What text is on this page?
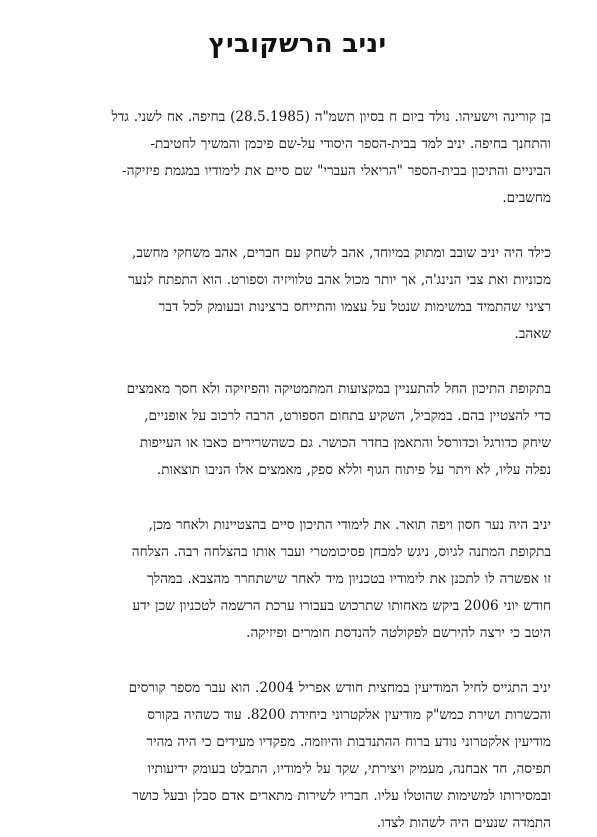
יניב הרשקוביץ

בן קורינה וישעיהו. נולד ביום ח בסיון תשמ"ה (28.5.1985) בחיפה. אח לשני. גדל
והתחנך בחיפה. יניב למד בבית-הספר היסודי על-שם פיכמן והמשיך לחטיבת-
הביניים והתיכון בבית-הספר "הריאלי העברי" שם סיים את לימודיו במגמת פיזיקה-
מחשבים.

כילד היה יניב שובב ומתוק במיוחד, אהב לשחק עם חברים, אהב משחקי מחשב,
מכוניות ואת צבי הנינג'ה, אך יותר מכול אהב טלוויזיה וספורט. הוא התפתח לנער
רציני שהתמיד במשימות שנטל על עצמו והתייחס ברצינות ובעומק לכל דבר
שאהב.

בתקופת התיכון החל להתעניין במקצועות המתמטיקה והפיזיקה ולא חסך מאמצים
כדי להצטיין בהם. במקביל, השקיע בתחום הספורט, הרבה לרכוב על אופניים,
שיחק כדורגל וכדורסל והתאמן בחדר הכושר. גם כשהשרירים כאבו או העייפות
נפלה עליו, לא ויתר על פיתוח הגוף וללא ספק, מאמצים אלו הניבו תוצאות.

יניב היה נער חסון ויפה תואר. את לימודי התיכון סיים בהצטיינות ולאחר מכן,
בתקופת המתנה לגיוס, ניגש למבחן פסיכומטרי ועבר אותו בהצלחה רבה. הצלחה
זו אפשרה לו לתכנן את לימודיו בטכניון מיד לאחר שישתחרר מהצבא. במהלך
חודש יוני 2006 ביקש מאחותו שתרכוש בעבורו ערכת הרשמה לטכניון שכן ידע
היטב כי ירצה להירשם לפקולטה להנדסת חומרים ופיזיקה.

יניב התגייס לחיל המודיעין במחצית חודש אפריל 2004. הוא עבר מספר קורסים
והכשרות ושירת כמש"ק מודיעין אלקטרוני ביחידת 8200. עוד כשהיה בקורס
מודיעין אלקטרוני נודע ברוח ההתנדבות והיוזמה. מפקדיו מעידים כי היה מהיר
תפיסה, חד אבחנה, מעמיק ויצירתי, שקד על לימודיו, התבלט בעומק ידיעותיו
ובמסירותו למשימות שהוטלו עליו. חבריו לשירות מתארים אדם סבלן ובעל כושר
התמדה שנעים היה לשהות לצדו.
